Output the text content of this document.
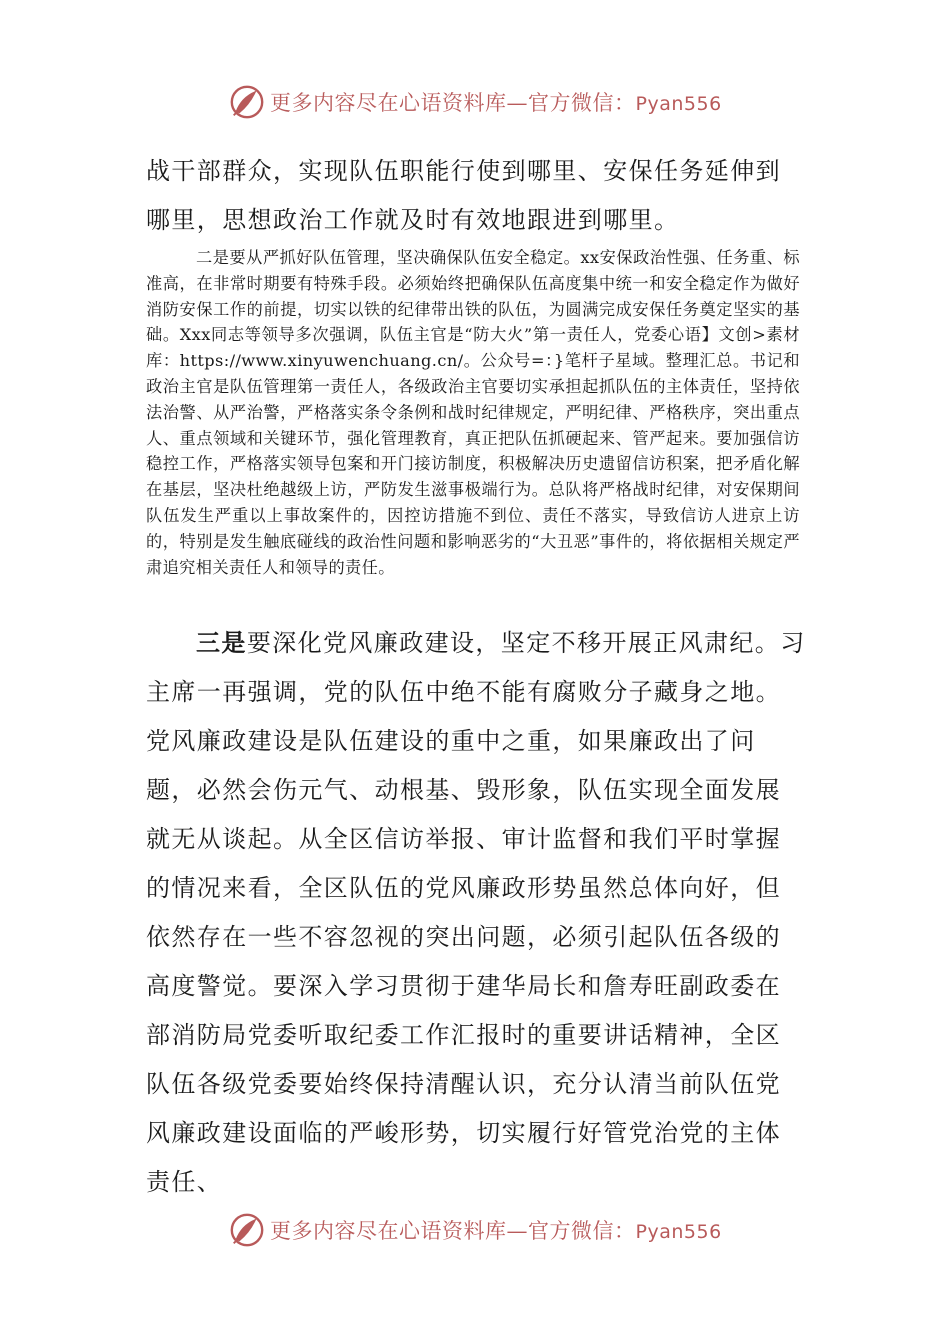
更多内容尽在心语资料库—官方微信：Pyan556

战干部群众，实现队伍职能行使到哪里、安保任务延伸到哪里，思想政治工作就及时有效地跟进到哪里。

二是要从严抓好队伍管理，坚决确保队伍安全稳定。xx安保政治性强、任务重、标准高，在非常时期要有特殊手段。必须始终把确保队伍高度集中统一和安全稳定作为做好消防安保工作的前提，切实以铁的纪律带出铁的队伍，为圆满完成安保任务奠定坚实的基础。Xxx同志等领导多次强调，队伍主官是“防大火”第一责任人，党委心语】文创>素材库：https://www.xinyuwenchuang.cn/。公众号=：}笔杆子星域。整理汇总。书记和政治主官是队伍管理第一责任人，各级政治主官要切实承担起抓队伍的主体责任，坚持依法治警、从严治警，严格落实条令条例和战时纪律规定，严明纪律、严格秩序，突出重点人、重点领域和关键环节，强化管理教育，真正把队伍抓硬起来、管严起来。要加强信访稳控工作，严格落实领导包案和开门接访制度，积极解决历史遗留信访积案，把矛盾化解在基层，坚决杜绝越级上访，严防发生滋事极端行为。总队将严格战时纪律，对安保期间队伍发生严重以上事故案件的，因控访措施不到位、责任不落实，导致信访人进京上访的，特别是发生触底碰线的政治性问题和影响恶劣的“大丑恶”事件的，将依据相关规定严肃追究相关责任人和领导的责任。

三是要深化党风廉政建设，坚定不移开展正风肃纪。习主席一再强调，党的队伍中绝不能有腐败分子藏身之地。党风廉政建设是队伍建设的重中之重，如果廉政出了问题，必然会伤元气、动根基、毁形象，队伍实现全面发展就无从谈起。从全区信访举报、审计监督和我们平时掌握的情况来看，全区队伍的党风廉政形势虽然总体向好，但依然存在一些不容忽视的突出问题，必须引起队伍各级的高度警觉。要深入学习贯彻于建华局长和詹寿旺副政委在部消防局党委听取纪委工作汇报时的重要讲话精神，全区队伍各级党委要始终保持清醒认识，充分认清当前队伍党风廉政建设面临的严峻形势，切实履行好管党治党的主体责任、

更多内容尽在心语资料库—官方微信：Pyan556
